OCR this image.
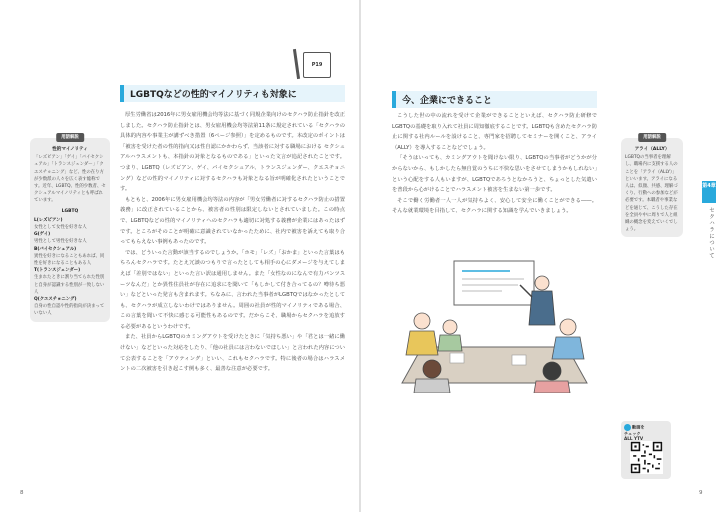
P19
LGBTQなどの性的マイノリティも対象に

厚生労働省は2016年に男女雇用機会均等法に基づく同規企業向けのセクハラ防止指針を改正しました。セクハラ防止指針とは、男女雇用機会均等法第11条に規定されている「セクハラの具体的内容や事業主が講ずべき措置（6ページ参照）」を定めるものです。本改定のポイントは「被害を受けた者の性的指向又は性自認にかかわらず、当該者に対する職場における セクシュアルハラスメントも、本指針の対象となるものである」といった文言が追記されたことです。つまり、LGBTQ（レズビアン、ゲイ、バイセクシュアル、トランスジェンダー、クエスチョニング）などの性的マイノリティに対するセクハラも対象となる旨が明確化されたということです。

もともと、2006年に男女雇用機会均等法の内容が「男女労働者に対するセクハラ防止の措置義務」に改正されていることから、被害者の性別は限定しないとされていました。この時点で、LGBTQなどの性的マイノリティへのセクハラも適切に対処する義務が企業にはあったはずです。ところがそのことが明確に意識されていなかったために、社内で被害を訴えても取り合ってもらえない事例もあったのです。

では、どういった言動が該当するのでしょうか。「ホモ」「レズ」「おかま」といった言葉はもちろんセクハラです。たとえ冗談のつもりで言ったとしても相手の心にダメージを与えてしまえば「差別ではない」といった言い訳は通用しません。また「女性なのになんで有力パンツスーツなんだ」とか異性住員社が存在に追求にを聞いて「もしかして付き合ってるの？噂待ち悪い」などといった発言も含まれます。ちなみに、言われた当事者がLGBTQではなかったとしても、セクハラが成立しないわけではありません。周囲の社員が性的マイノリティである場合、この言葉を聞いて不快に感じる可能性もあるのです。だからこそ、職場からセクハラを追放する必要があるというわけです。

また、社員からLGBTQのカミングアウトを受けたときに「気持ち悪い」や「君とは一緒に働けない」などといった対応をしたり、「他の社員には言わないでほしい」と言われた内容について公表することを「アウティング」といい、これもセクハラです。特に後者の場合はハラスメントの二次被害を引き起こす例も多く、最善な注意が必要です。

用語解説
性的マイノリティ
「レズビアン」「ゲイ」「バイセクシュアル」「トランスジェンダー」「クエスチョニング」など、性の在り方が少数派の人々を広く表す総称です。近年、LGBTQ、性的少数者、セクシュアルマイノリティとも呼ばれています。
LGBTQ
L(レズビアン)
女性として女性を好きな人
G(ゲイ)
男性として男性を好きな人
B(バイセクシュアル)
異性を好きになることもあれば、同性を好きになることもある人
T(トランスジェンダー)
生まれたときに割り当てられた性別と自身が認識する性別が一致しない人
Q(クエスチョニング)
自身の性自認や性的指向が決まっていない人
今、企業にできること

こうした世の中の流れを受けて企業ができることといえば、セクハラ防止研修でLGBTQの基礎を取り入れて社員に周知徹底することです。LGBTQも含めたセクハラ防止に関する社内ルールを設けること、専門家を招聘してセミナーを開くこと、アライ（ALLY）を導入することなどでしょう。

「そうはいっても、カミングアウトを聞けない限り、LGBTQの当事者がどうかが分からないから、もしかしたら無自覚のうちに不快な思いをさせてしまうかもしれない」という心配をする人もいますが、LGBTQであろうとなかろうと、ちょっとした気遣いを普段から心がけることでハラスメント被害を生まない第一歩です。

そこで働く労働者一人一人が気持ちよく、安心して安全に働くことができる――。そんな就業環境を目指して、セクハラに関する知識を学んでいきましょう。

用語解説
アライ（ALLY）
LGBTQの当事者を理解し、職場内に支援する人のことを「アライ（ALLY）」といいます。アライになる人は、似顔、共感、理解づくり、行動への参加などが必要です。本職者や事業などを通じて、こうした存在を全員や中に周りで人と組織の概念を変えていくでしょう。
第4章
セクハラについて
動画を
チェック
ALL YTV
8	9
